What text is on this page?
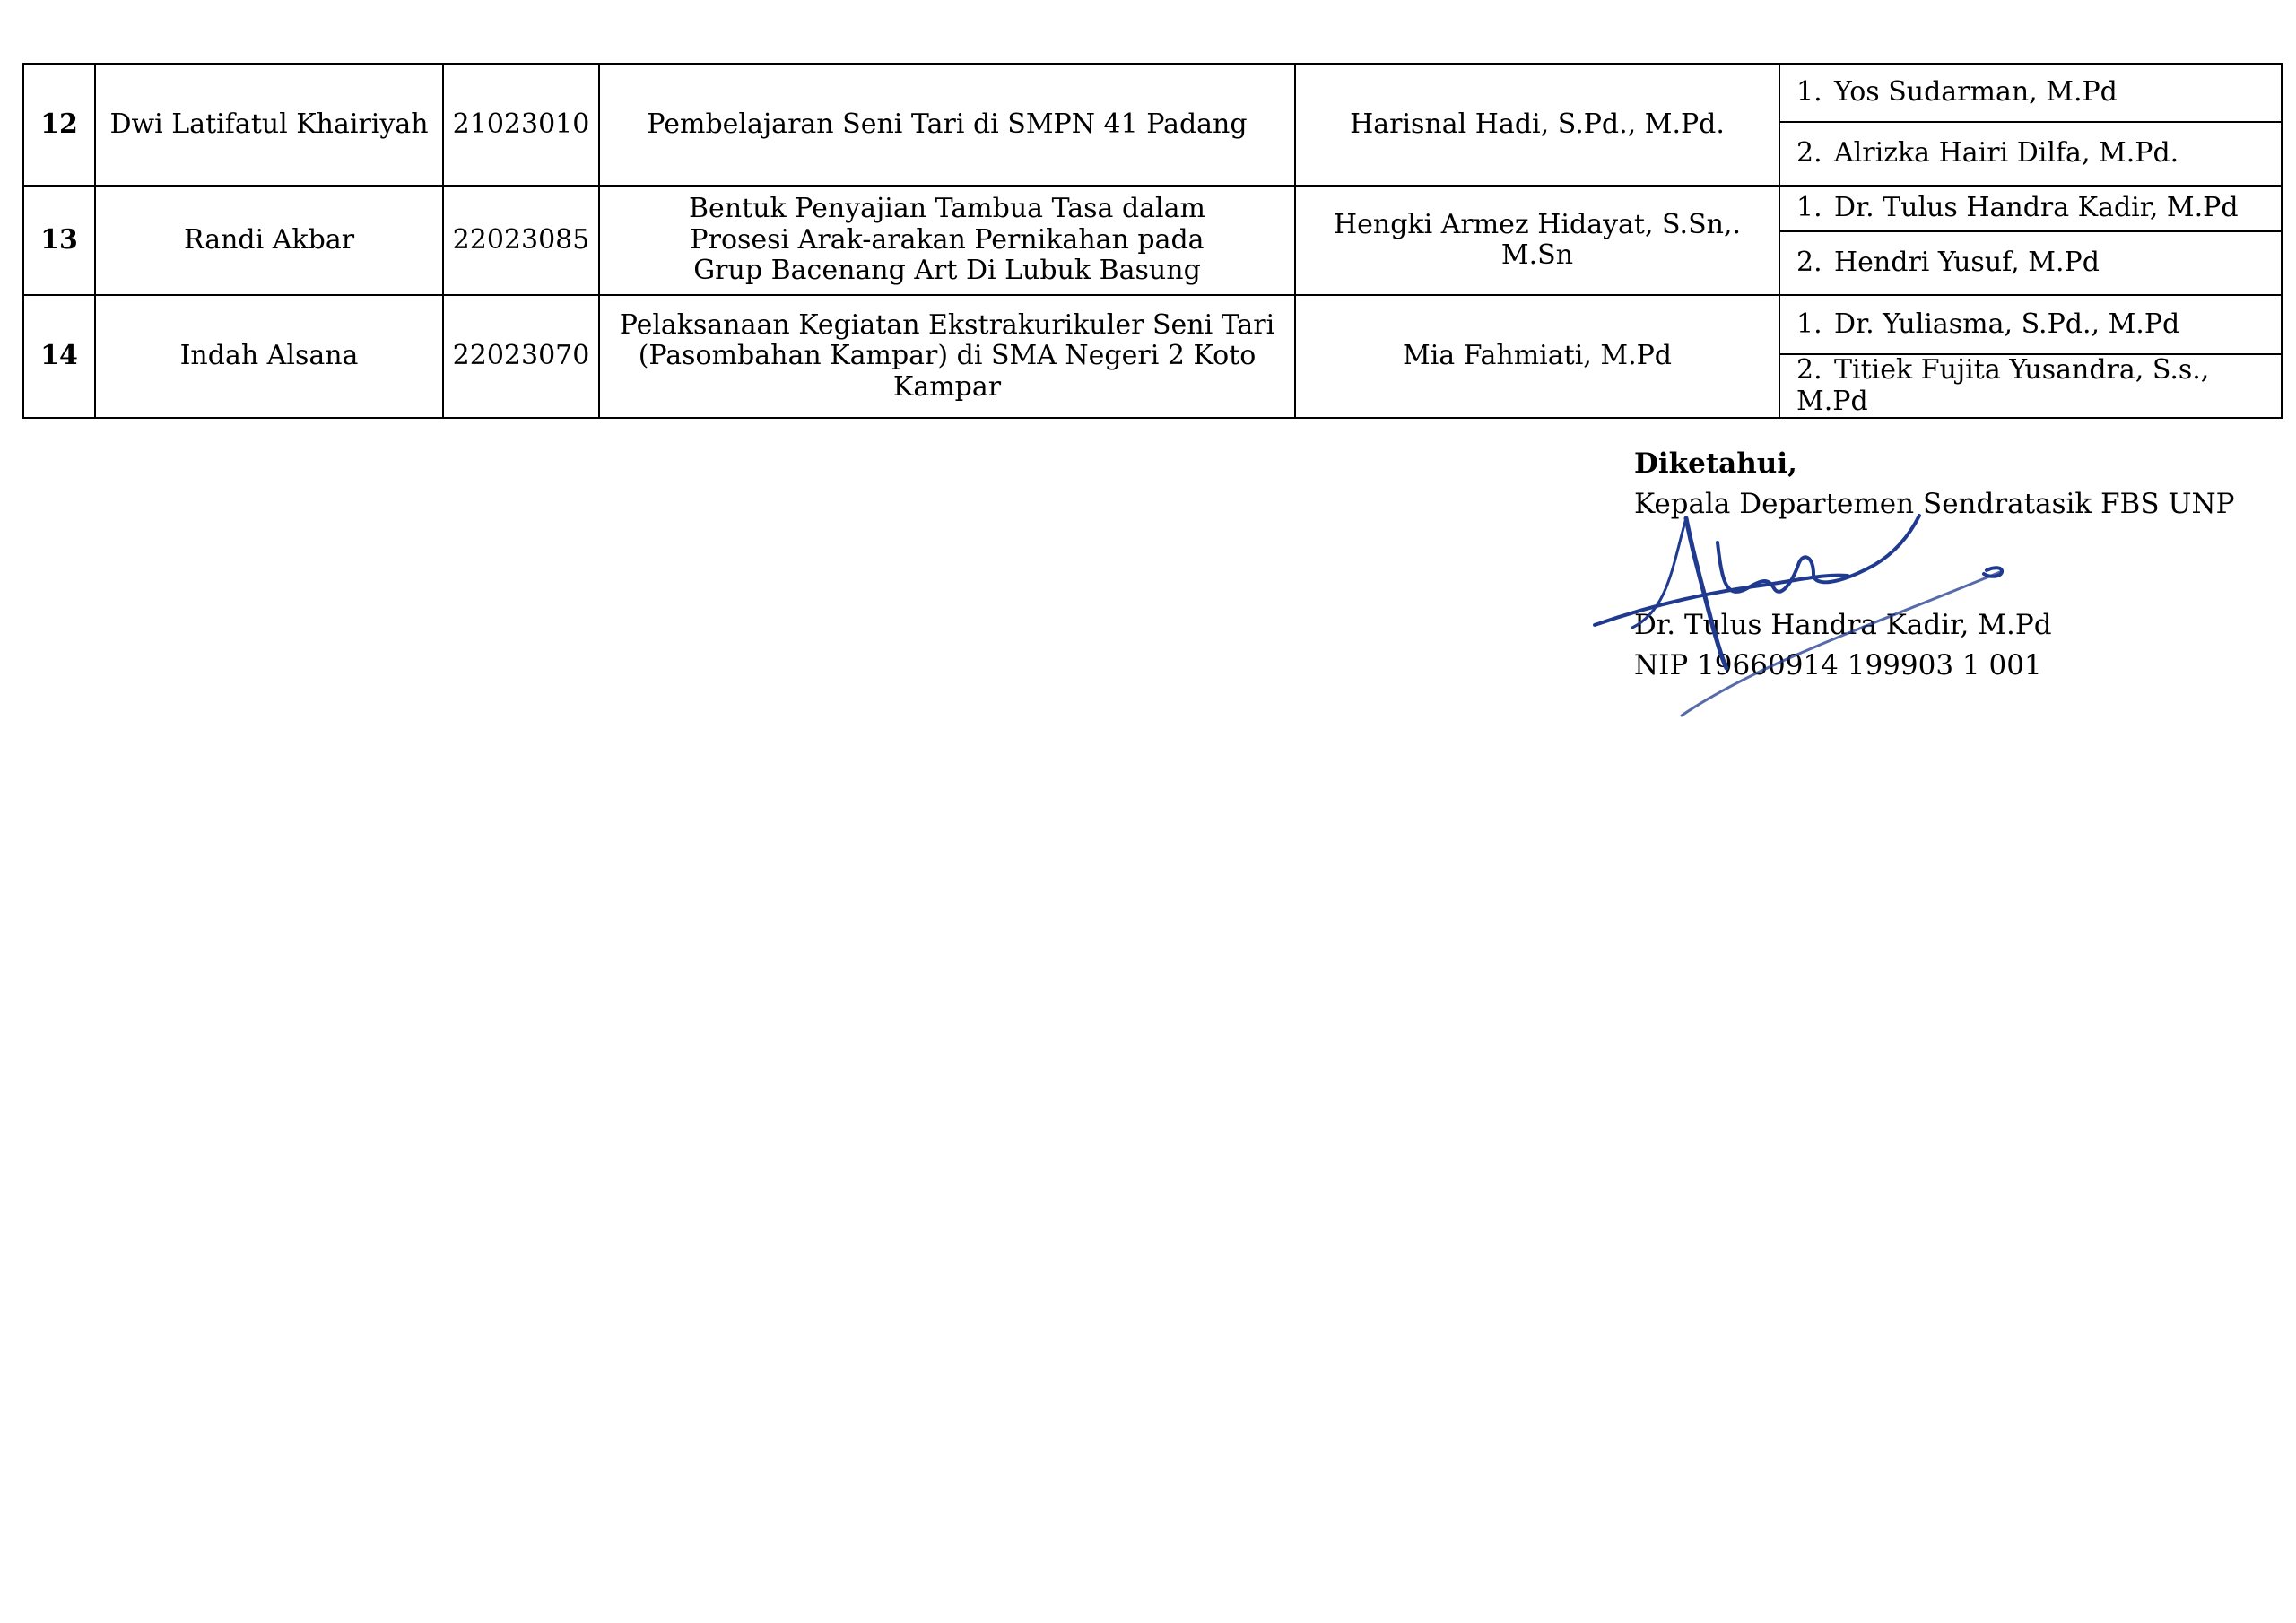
12	Dwi Latifatul Khairiyah	21023010	Pembelajaran Seni Tari di SMPN 41 Padang	Harisnal Hadi, S.Pd., M.Pd.	1. Yos Sudarman, M.Pd
					2. Alrizka Hairi Dilfa, M.Pd.
13	Randi Akbar	22023085	Bentuk Penyajian Tambua Tasa dalam
Prosesi Arak-arakan Pernikahan pada
Grup Bacenang Art Di Lubuk Basung	Hengki Armez Hidayat, S.Sn,. M.Sn	1. Dr. Tulus Handra Kadir, M.Pd
					2. Hendri Yusuf, M.Pd
14	Indah Alsana	22023070	Pelaksanaan Kegiatan Ekstrakurikuler Seni Tari
(Pasombahan Kampar) di SMA Negeri 2 Koto Kampar	Mia Fahmiati, M.Pd	1. Dr. Yuliasma, S.Pd., M.Pd
					2. Titiek Fujita Yusandra, S.s., M.Pd
Diketahui,
Kepala Departemen Sendratasik FBS UNP
Dr. Tulus Handra Kadir, M.Pd
NIP 19660914 199903 1 001
